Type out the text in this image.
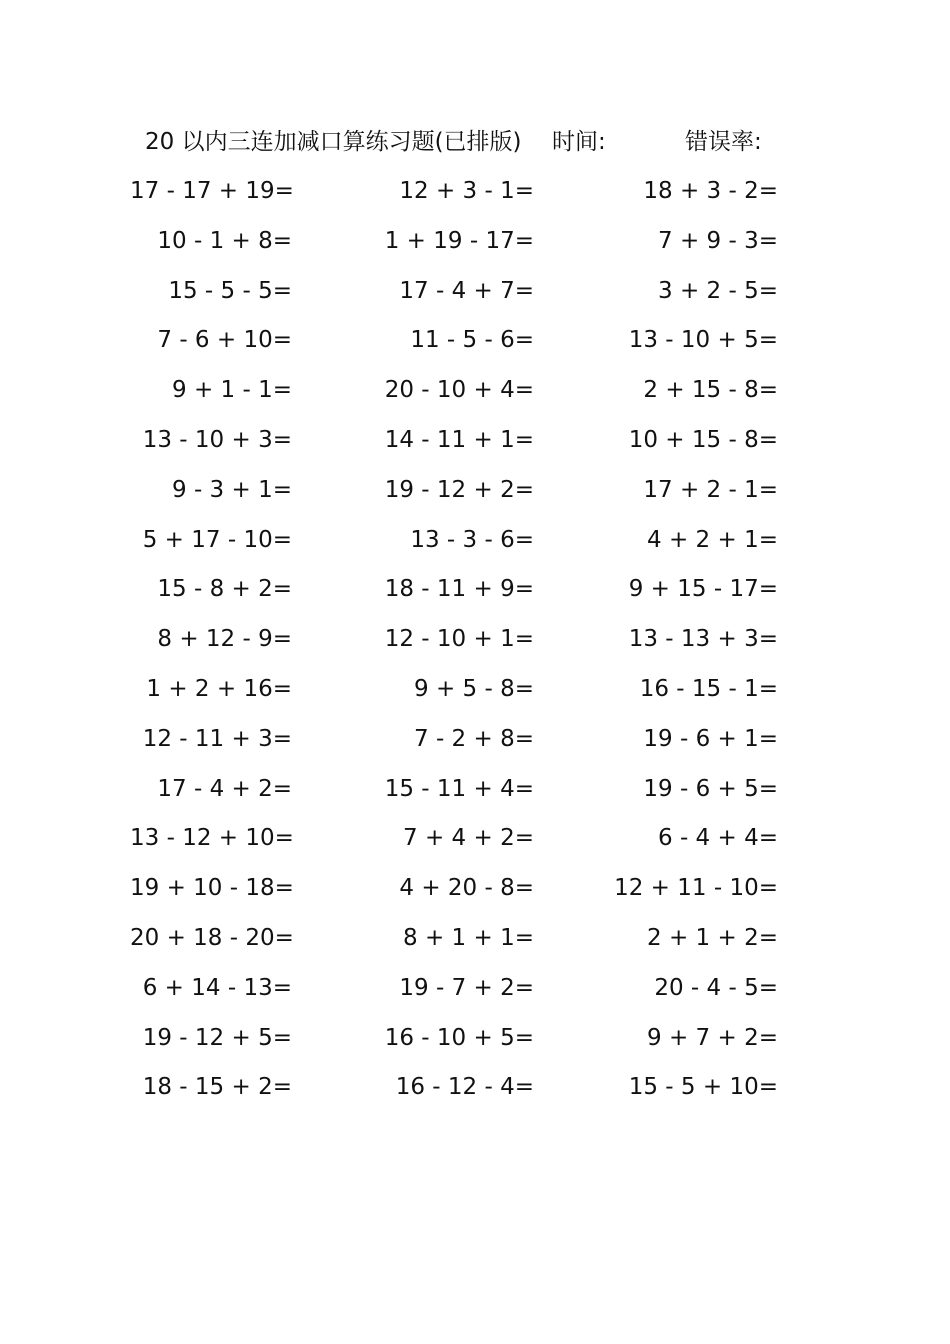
20 以内三连加减口算练习题(已排版) 时间:	错误率:
17 - 17 + 19=	12 + 3 - 1=	18 + 3 - 2=
10 - 1 + 8=	1 + 19 - 17=	7 + 9 - 3=
15 - 5 - 5=	17 - 4 + 7=	3 + 2 - 5=
7 - 6 + 10=	11 - 5 - 6=	13 - 10 + 5=
9 + 1 - 1=	20 - 10 + 4=	2 + 15 - 8=
13 - 10 + 3=	14 - 11 + 1=	10 + 15 - 8=
9 - 3 + 1=	19 - 12 + 2=	17 + 2 - 1=
5 + 17 - 10=	13 - 3 - 6=	4 + 2 + 1=
15 - 8 + 2=	18 - 11 + 9=	9 + 15 - 17=
8 + 12 - 9=	12 - 10 + 1=	13 - 13 + 3=
1 + 2 + 16=	9 + 5 - 8=	16 - 15 - 1=
12 - 11 + 3=	7 - 2 + 8=	19 - 6 + 1=
17 - 4 + 2=	15 - 11 + 4=	19 - 6 + 5=
13 - 12 + 10=	7 + 4 + 2=	6 - 4 + 4=
19 + 10 - 18=	4 + 20 - 8=	12 + 11 - 10=
20 + 18 - 20=	8 + 1 + 1=	2 + 1 + 2=
6 + 14 - 13=	19 - 7 + 2=	20 - 4 - 5=
19 - 12 + 5=	16 - 10 + 5=	9 + 7 + 2=
18 - 15 + 2=	16 - 12 - 4=	15 - 5 + 10=
